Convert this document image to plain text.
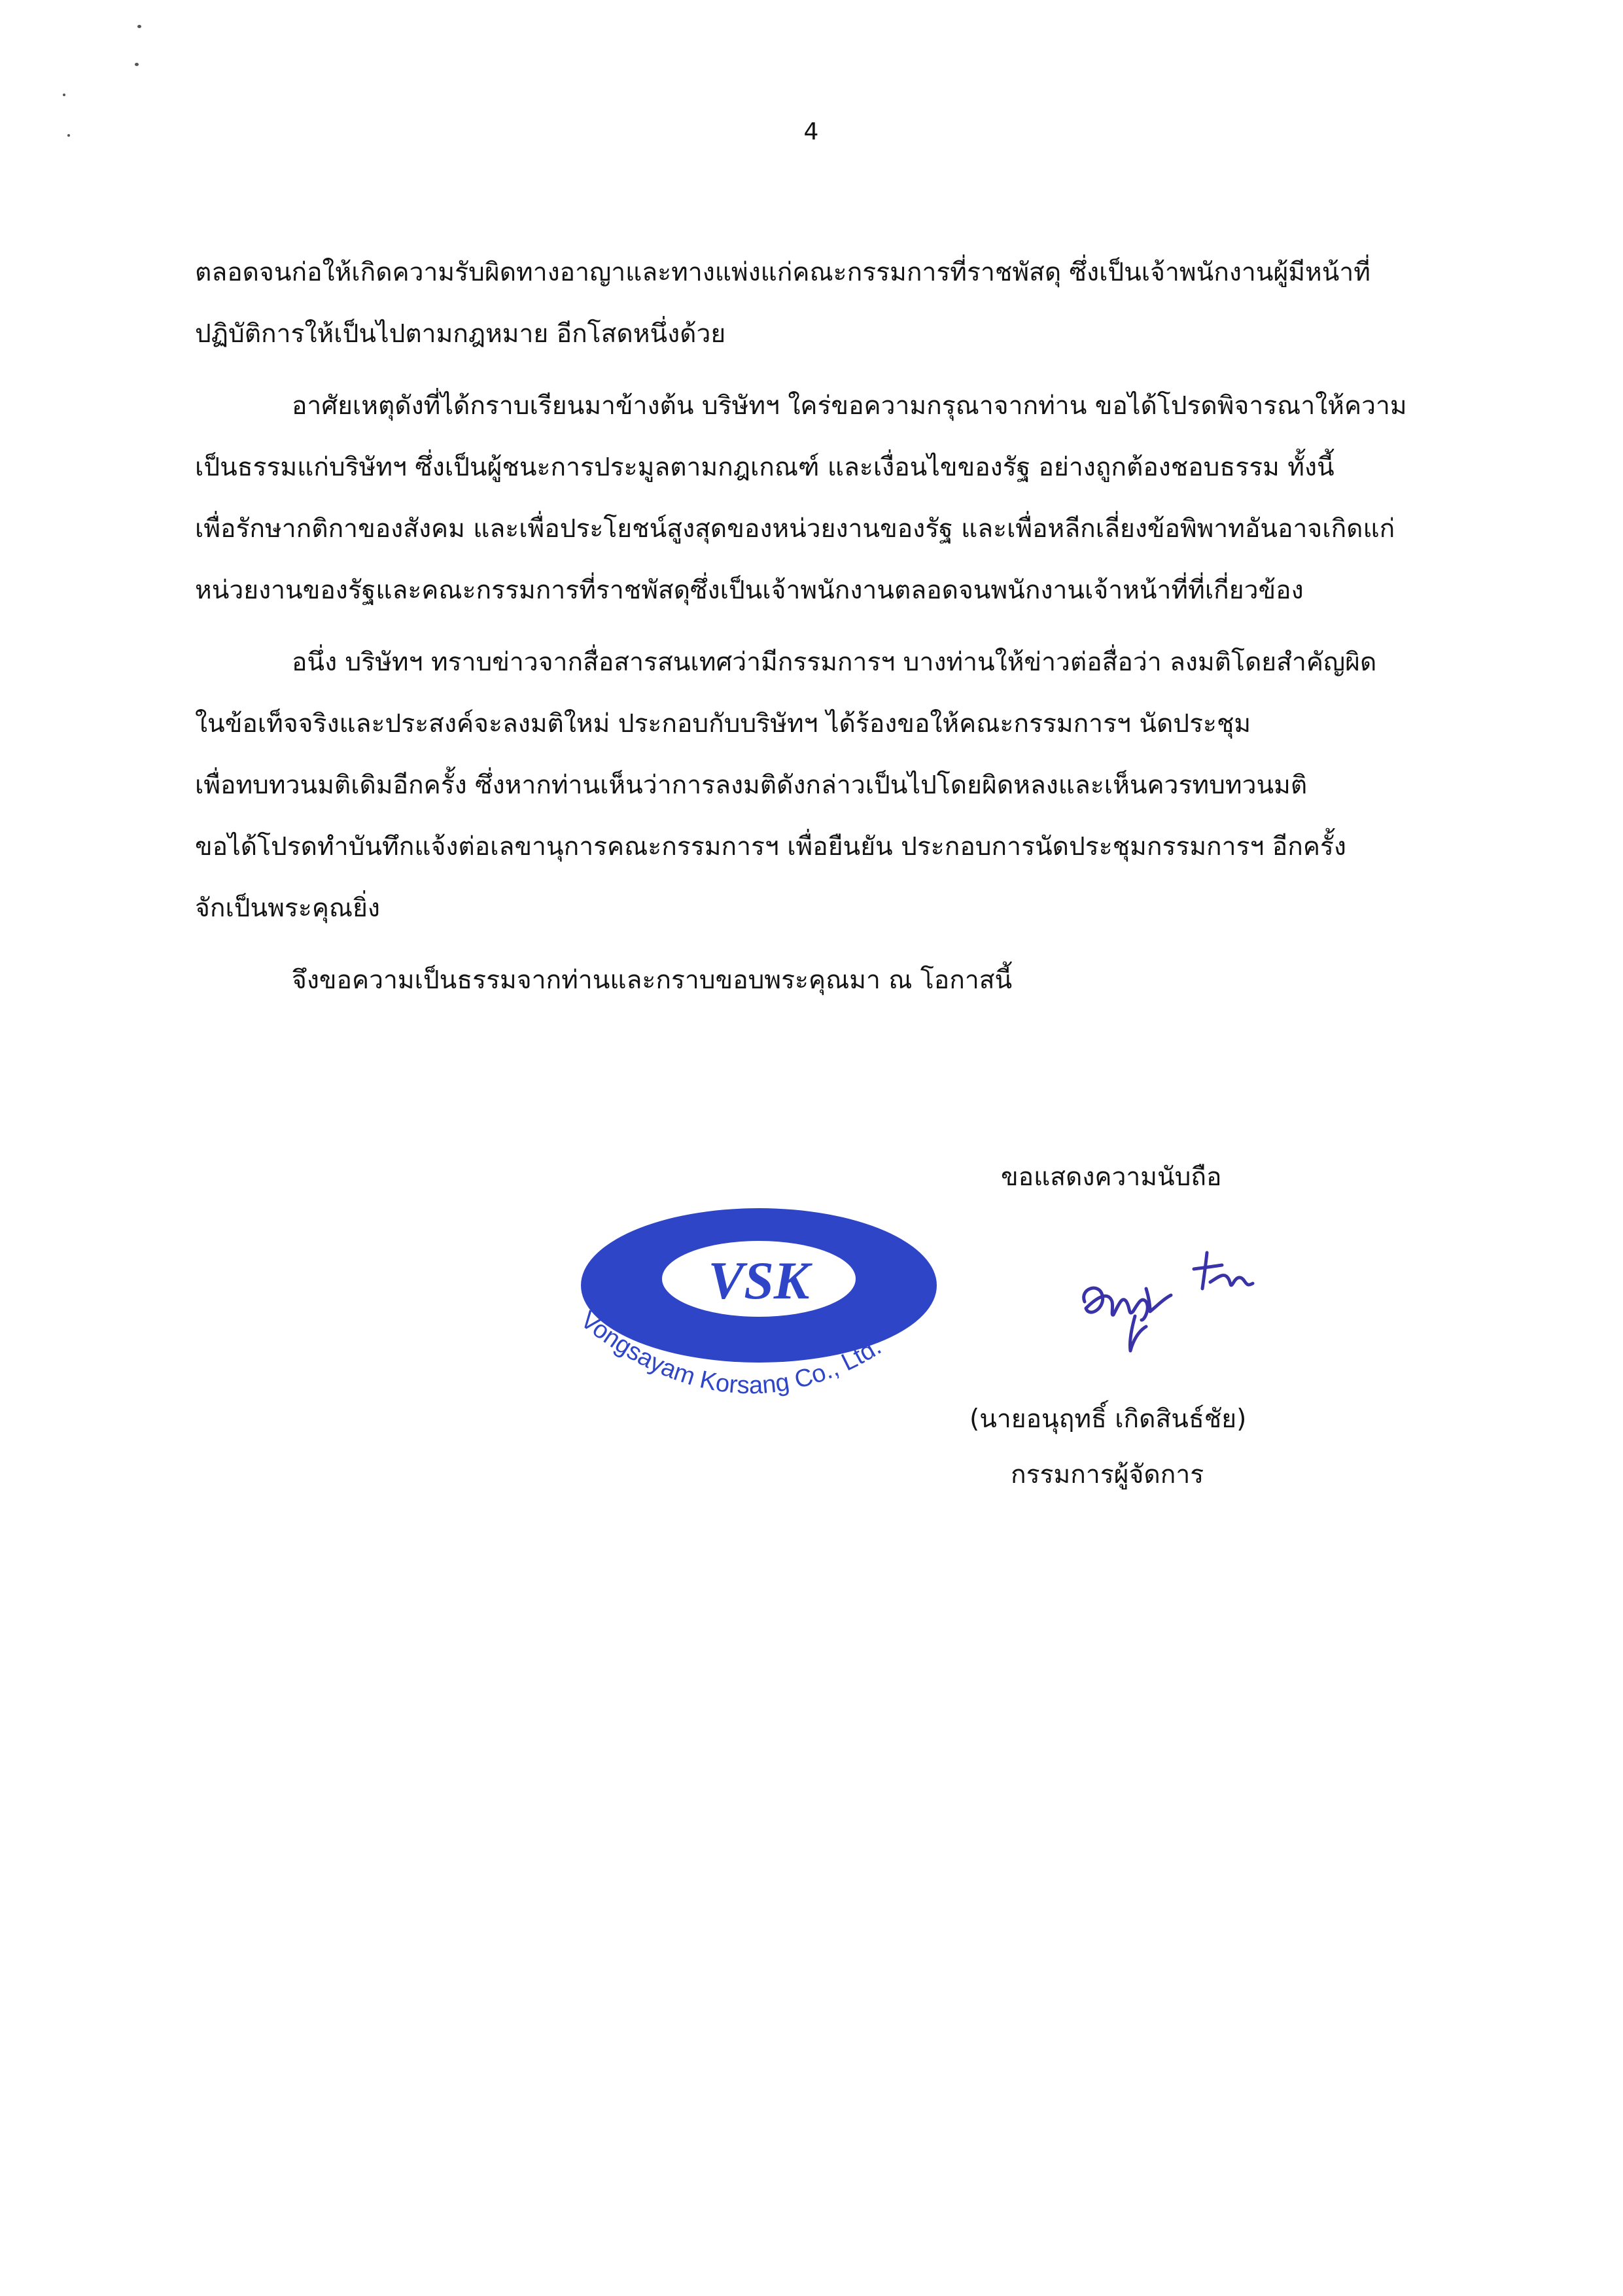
4
ตลอดจนก่อให้เกิดความรับผิดทางอาญาและทางแพ่งแก่คณะกรรมการที่ราชพัสดุ ซึ่งเป็นเจ้าพนักงานผู้มีหน้าที่
ปฏิบัติการให้เป็นไปตามกฎหมาย อีกโสดหนึ่งด้วย
อาศัยเหตุดังที่ได้กราบเรียนมาข้างต้น บริษัทฯ ใคร่ขอความกรุณาจากท่าน ขอได้โปรดพิจารณาให้ความ
เป็นธรรมแก่บริษัทฯ ซึ่งเป็นผู้ชนะการประมูลตามกฎเกณฑ์ และเงื่อนไขของรัฐ อย่างถูกต้องชอบธรรม ทั้งนี้
เพื่อรักษากติกาของสังคม และเพื่อประโยชน์สูงสุดของหน่วยงานของรัฐ และเพื่อหลีกเลี่ยงข้อพิพาทอันอาจเกิดแก่
หน่วยงานของรัฐและคณะกรรมการที่ราชพัสดุซึ่งเป็นเจ้าพนักงานตลอดจนพนักงานเจ้าหน้าที่ที่เกี่ยวข้อง
อนึ่ง บริษัทฯ ทราบข่าวจากสื่อสารสนเทศว่ามีกรรมการฯ บางท่านให้ข่าวต่อสื่อว่า ลงมติโดยสำคัญผิด
ในข้อเท็จจริงและประสงค์จะลงมติใหม่ ประกอบกับบริษัทฯ ได้ร้องขอให้คณะกรรมการฯ นัดประชุม
เพื่อทบทวนมติเดิมอีกครั้ง ซึ่งหากท่านเห็นว่าการลงมติดังกล่าวเป็นไปโดยผิดหลงและเห็นควรทบทวนมติ
ขอได้โปรดทำบันทึกแจ้งต่อเลขานุการคณะกรรมการฯ เพื่อยืนยัน ประกอบการนัดประชุมกรรมการฯ อีกครั้ง
จักเป็นพระคุณยิ่ง
จึงขอความเป็นธรรมจากท่านและกราบขอบพระคุณมา ณ โอกาสนี้
ขอแสดงความนับถือ
VSK
Vongsayam Korsang Co., Ltd.
(นายอนุฤทธิ์ เกิดสินธ์ชัย)
กรรมการผู้จัดการ
